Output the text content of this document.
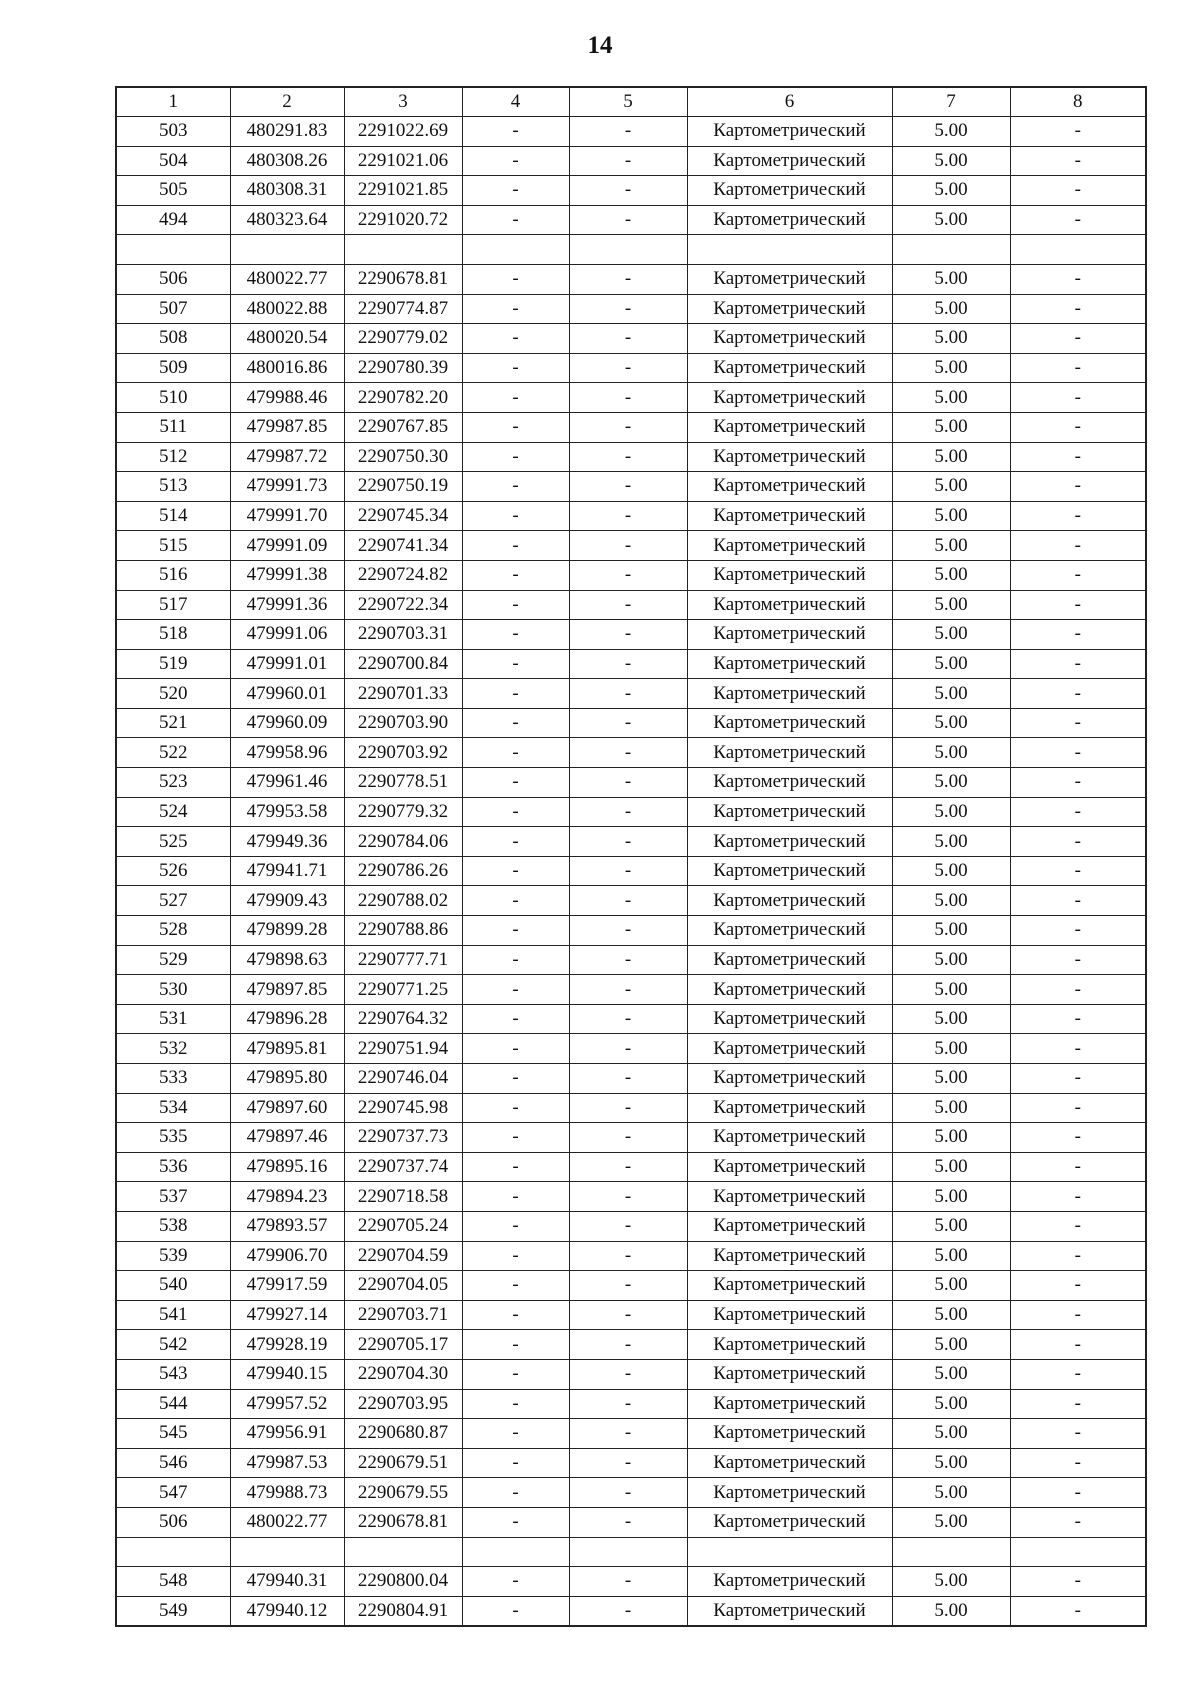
14
1	2	3	4	5	6	7	8
503	480291.83	2291022.69	-	-	Картометрический	5.00	-
504	480308.26	2291021.06	-	-	Картометрический	5.00	-
505	480308.31	2291021.85	-	-	Картометрический	5.00	-
494	480323.64	2291020.72	-	-	Картометрический	5.00	-

506	480022.77	2290678.81	-	-	Картометрический	5.00	-
507	480022.88	2290774.87	-	-	Картометрический	5.00	-
508	480020.54	2290779.02	-	-	Картометрический	5.00	-
509	480016.86	2290780.39	-	-	Картометрический	5.00	-
510	479988.46	2290782.20	-	-	Картометрический	5.00	-
511	479987.85	2290767.85	-	-	Картометрический	5.00	-
512	479987.72	2290750.30	-	-	Картометрический	5.00	-
513	479991.73	2290750.19	-	-	Картометрический	5.00	-
514	479991.70	2290745.34	-	-	Картометрический	5.00	-
515	479991.09	2290741.34	-	-	Картометрический	5.00	-
516	479991.38	2290724.82	-	-	Картометрический	5.00	-
517	479991.36	2290722.34	-	-	Картометрический	5.00	-
518	479991.06	2290703.31	-	-	Картометрический	5.00	-
519	479991.01	2290700.84	-	-	Картометрический	5.00	-
520	479960.01	2290701.33	-	-	Картометрический	5.00	-
521	479960.09	2290703.90	-	-	Картометрический	5.00	-
522	479958.96	2290703.92	-	-	Картометрический	5.00	-
523	479961.46	2290778.51	-	-	Картометрический	5.00	-
524	479953.58	2290779.32	-	-	Картометрический	5.00	-
525	479949.36	2290784.06	-	-	Картометрический	5.00	-
526	479941.71	2290786.26	-	-	Картометрический	5.00	-
527	479909.43	2290788.02	-	-	Картометрический	5.00	-
528	479899.28	2290788.86	-	-	Картометрический	5.00	-
529	479898.63	2290777.71	-	-	Картометрический	5.00	-
530	479897.85	2290771.25	-	-	Картометрический	5.00	-
531	479896.28	2290764.32	-	-	Картометрический	5.00	-
532	479895.81	2290751.94	-	-	Картометрический	5.00	-
533	479895.80	2290746.04	-	-	Картометрический	5.00	-
534	479897.60	2290745.98	-	-	Картометрический	5.00	-
535	479897.46	2290737.73	-	-	Картометрический	5.00	-
536	479895.16	2290737.74	-	-	Картометрический	5.00	-
537	479894.23	2290718.58	-	-	Картометрический	5.00	-
538	479893.57	2290705.24	-	-	Картометрический	5.00	-
539	479906.70	2290704.59	-	-	Картометрический	5.00	-
540	479917.59	2290704.05	-	-	Картометрический	5.00	-
541	479927.14	2290703.71	-	-	Картометрический	5.00	-
542	479928.19	2290705.17	-	-	Картометрический	5.00	-
543	479940.15	2290704.30	-	-	Картометрический	5.00	-
544	479957.52	2290703.95	-	-	Картометрический	5.00	-
545	479956.91	2290680.87	-	-	Картометрический	5.00	-
546	479987.53	2290679.51	-	-	Картометрический	5.00	-
547	479988.73	2290679.55	-	-	Картометрический	5.00	-
506	480022.77	2290678.81	-	-	Картометрический	5.00	-

548	479940.31	2290800.04	-	-	Картометрический	5.00	-
549	479940.12	2290804.91	-	-	Картометрический	5.00	-
